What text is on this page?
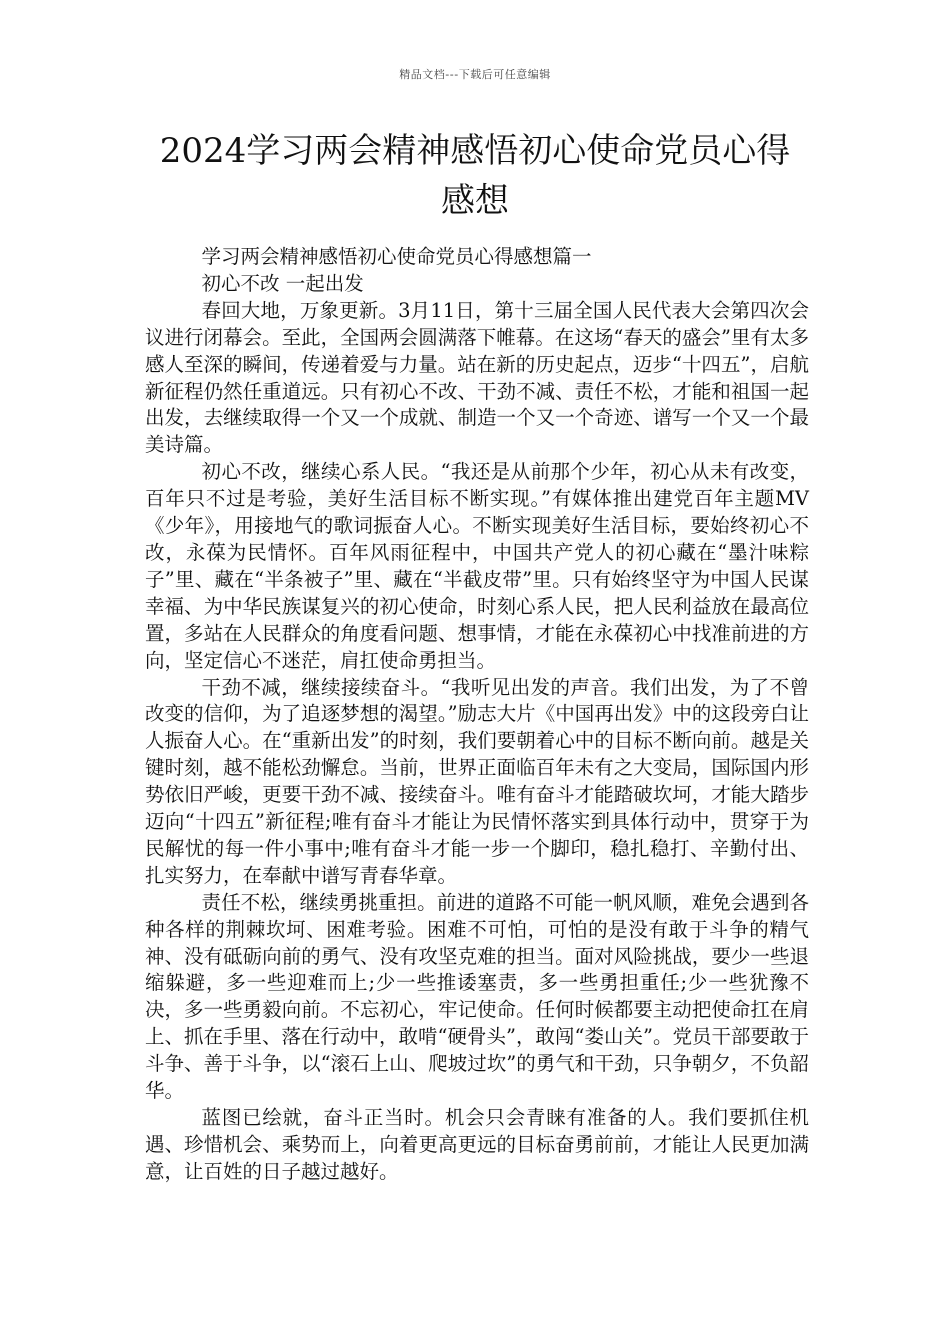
精品文档---下载后可任意编辑
2024学习两会精神感悟初心使命党员心得感想

学习两会精神感悟初心使命党员心得感想篇一

初心不改 一起出发

春回大地，万象更新。3月11日，第十三届全国人民代表大会第四次会议进行闭幕会。至此，全国两会圆满落下帷幕。在这场“春天的盛会”里有太多感人至深的瞬间，传递着爱与力量。站在新的历史起点，迈步“十四五”，启航新征程仍然任重道远。只有初心不改、干劲不减、责任不松，才能和祖国一起出发，去继续取得一个又一个成就、制造一个又一个奇迹、谱写一个又一个最美诗篇。

初心不改，继续心系人民。“我还是从前那个少年，初心从未有改变，百年只不过是考验，美好生活目标不断实现。”有媒体推出建党百年主题MV《少年》，用接地气的歌词振奋人心。不断实现美好生活目标，要始终初心不改，永葆为民情怀。百年风雨征程中，中国共产党人的初心藏在“墨汁味粽子”里、藏在“半条被子”里、藏在“半截皮带”里。只有始终坚守为中国人民谋幸福、为中华民族谋复兴的初心使命，时刻心系人民，把人民利益放在最高位置，多站在人民群众的角度看问题、想事情，才能在永葆初心中找准前进的方向，坚定信心不迷茫，肩扛使命勇担当。

干劲不减，继续接续奋斗。“我听见出发的声音。我们出发，为了不曾改变的信仰，为了追逐梦想的渴望。”励志大片《中国再出发》中的这段旁白让人振奋人心。在“重新出发”的时刻，我们要朝着心中的目标不断向前。越是关键时刻，越不能松劲懈怠。当前，世界正面临百年未有之大变局，国际国内形势依旧严峻，更要干劲不减、接续奋斗。唯有奋斗才能踏破坎坷，才能大踏步迈向“十四五”新征程;唯有奋斗才能让为民情怀落实到具体行动中，贯穿于为民解忧的每一件小事中;唯有奋斗才能一步一个脚印，稳扎稳打、辛勤付出、扎实努力，在奉献中谱写青春华章。

责任不松，继续勇挑重担。前进的道路不可能一帆风顺，难免会遇到各种各样的荆棘坎坷、困难考验。困难不可怕，可怕的是没有敢于斗争的精气神、没有砥砺向前的勇气、没有攻坚克难的担当。面对风险挑战，要少一些退缩躲避，多一些迎难而上;少一些推诿塞责，多一些勇担重任;少一些犹豫不决，多一些勇毅向前。不忘初心，牢记使命。任何时候都要主动把使命扛在肩上、抓在手里、落在行动中，敢啃“硬骨头”，敢闯“娄山关”。党员干部要敢于斗争、善于斗争，以“滚石上山、爬坡过坎”的勇气和干劲，只争朝夕，不负韶华。

蓝图已绘就，奋斗正当时。机会只会青睐有准备的人。我们要抓住机遇、珍惜机会、乘势而上，向着更高更远的目标奋勇前前，才能让人民更加满意，让百姓的日子越过越好。
